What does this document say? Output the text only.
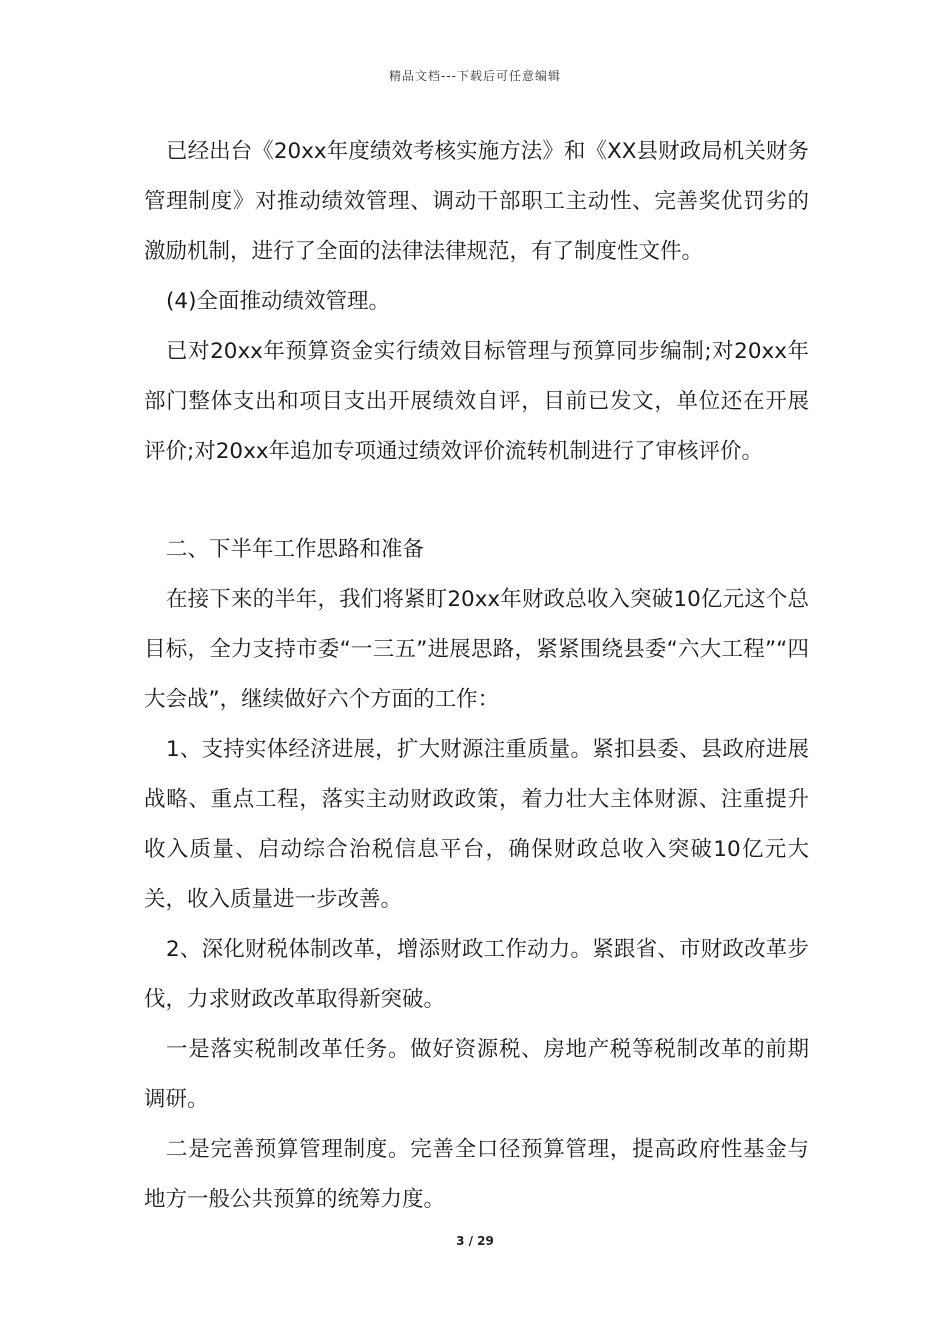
精品文档---下载后可任意编辑

已经出台《20xx年度绩效考核实施方法》和《XX县财政局机关财务管理制度》对推动绩效管理、调动干部职工主动性、完善奖优罚劣的激励机制，进行了全面的法律法律规范，有了制度性文件。

(4)全面推动绩效管理。

已对20xx年预算资金实行绩效目标管理与预算同步编制;对20xx年部门整体支出和项目支出开展绩效自评，目前已发文，单位还在开展评价;对20xx年追加专项通过绩效评价流转机制进行了审核评价。

二、下半年工作思路和准备

在接下来的半年，我们将紧盯20xx年财政总收入突破10亿元这个总目标，全力支持市委“一三五”进展思路，紧紧围绕县委“六大工程”“四大会战”，继续做好六个方面的工作：

1、支持实体经济进展，扩大财源注重质量。紧扣县委、县政府进展战略、重点工程，落实主动财政政策，着力壮大主体财源、注重提升收入质量、启动综合治税信息平台，确保财政总收入突破10亿元大关，收入质量进一步改善。

2、深化财税体制改革，增添财政工作动力。紧跟省、市财政改革步伐，力求财政改革取得新突破。

一是落实税制改革任务。做好资源税、房地产税等税制改革的前期调研。

二是完善预算管理制度。完善全口径预算管理，提高政府性基金与地方一般公共预算的统筹力度。

3 / 29
